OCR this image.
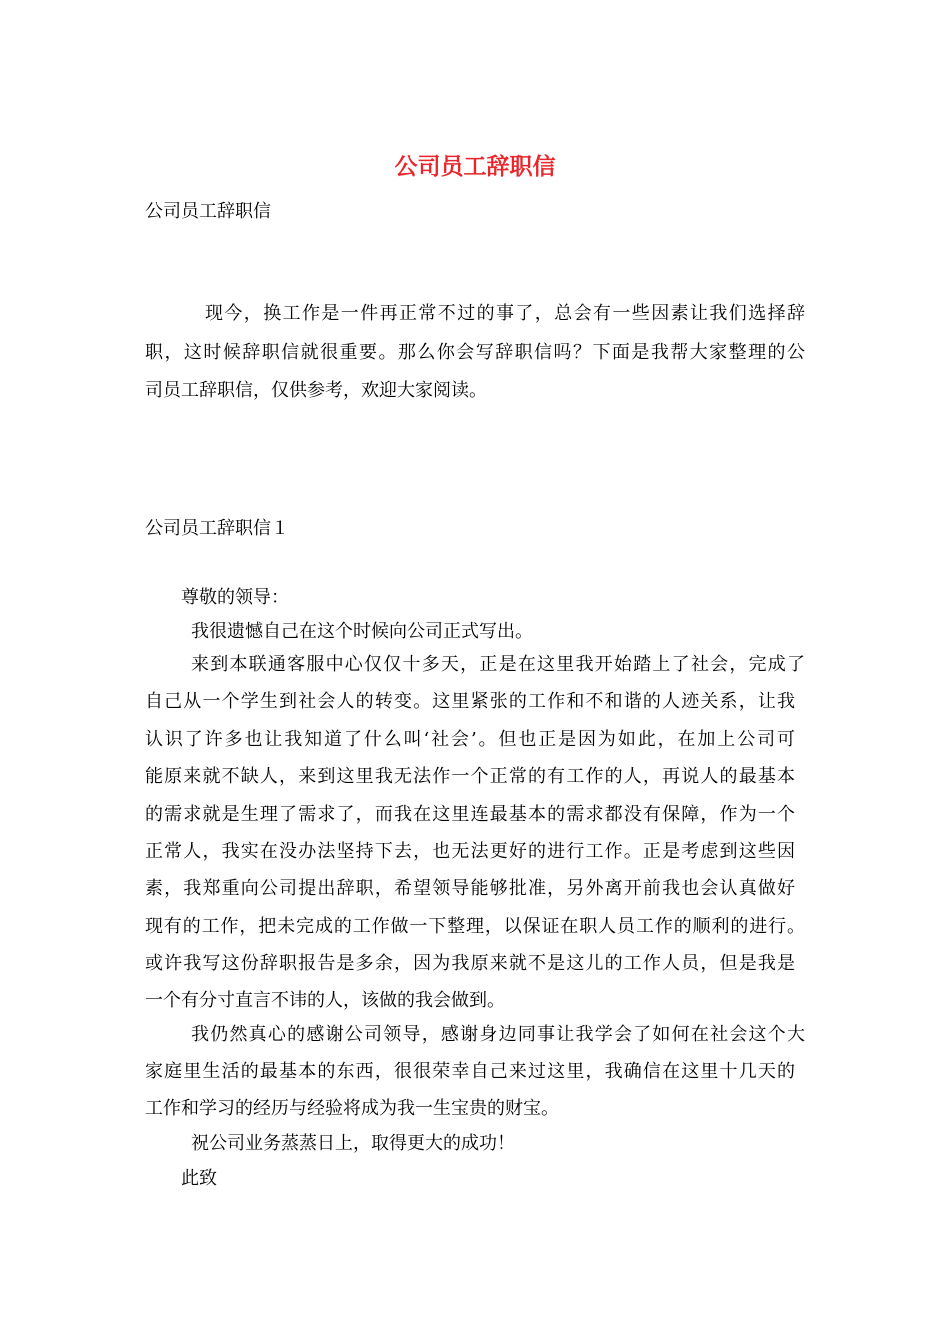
公司员工辞职信
公司员工辞职信
现今，换工作是一件再正常不过的事了，总会有一些因素让我们选择辞
职，这时候辞职信就很重要。那么你会写辞职信吗？下面是我帮大家整理的公
司员工辞职信，仅供参考，欢迎大家阅读。
公司员工辞职信１
尊敬的领导：
我很遗憾自己在这个时候向公司正式写出。
来到本联通客服中心仅仅十多天，正是在这里我开始踏上了社会，完成了
自己从一个学生到社会人的转变。这里紧张的工作和不和谐的人迹关系，让我
认识了许多也让我知道了什么叫‘社会’。但也正是因为如此，在加上公司可
能原来就不缺人，来到这里我无法作一个正常的有工作的人，再说人的最基本
的需求就是生理了需求了，而我在这里连最基本的需求都没有保障，作为一个
正常人，我实在没办法坚持下去，也无法更好的进行工作。正是考虑到这些因
素，我郑重向公司提出辞职，希望领导能够批准，另外离开前我也会认真做好
现有的工作，把未完成的工作做一下整理，以保证在职人员工作的顺利的进行。
或许我写这份辞职报告是多余，因为我原来就不是这儿的工作人员，但是我是
一个有分寸直言不讳的人，该做的我会做到。
我仍然真心的感谢公司领导，感谢身边同事让我学会了如何在社会这个大
家庭里生活的最基本的东西，很很荣幸自己来过这里，我确信在这里十几天的
工作和学习的经历与经验将成为我一生宝贵的财宝。
祝公司业务蒸蒸日上，取得更大的成功！
此致
